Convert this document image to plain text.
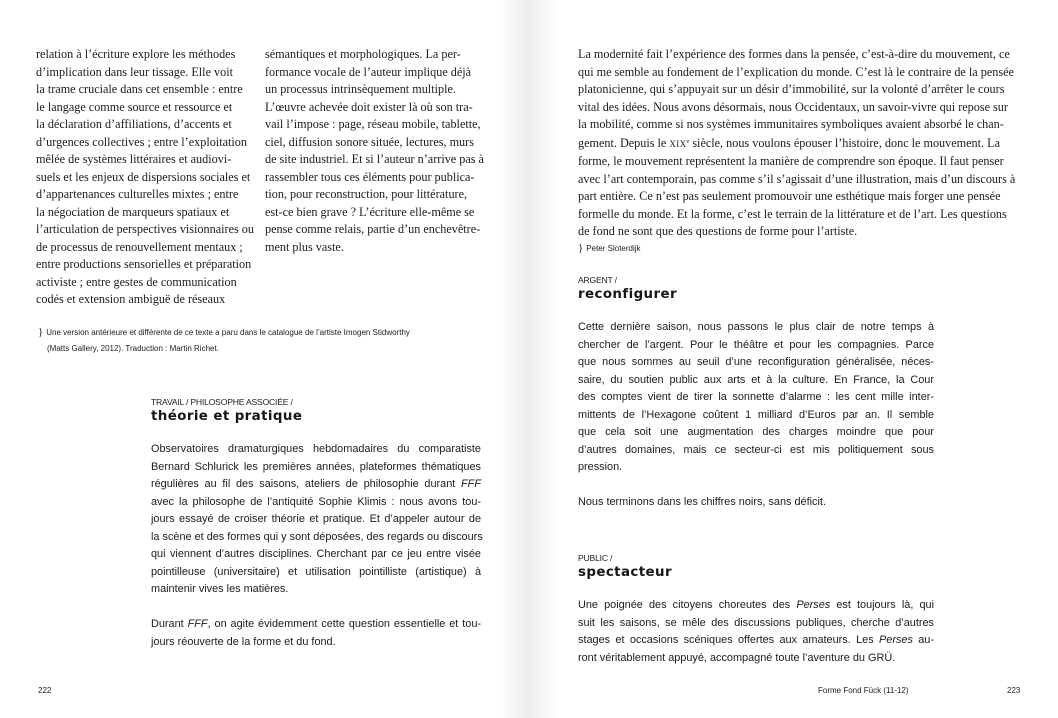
relation à l’écriture explore les méthodes
d’implication dans leur tissage. Elle voit
la trame cruciale dans cet ensemble : entre
le langage comme source et ressource et
la déclaration d’affiliations, d’accents et
d’urgences collectives ; entre l’exploitation
mêlée de systèmes littéraires et audiovi-
suels et les enjeux de dispersions sociales et
d’appartenances culturelles mixtes ; entre
la négociation de marqueurs spatiaux et
l’articulation de perspectives visionnaires ou
de processus de renouvellement mentaux ;
entre productions sensorielles et préparation
activiste ; entre gestes de communication
codés et extension ambiguë de réseaux
sémantiques et morphologiques. La per-
formance vocale de l’auteur implique déjà
un processus intrinsèquement multiple.
L’œuvre achevée doit exister là où son tra-
vail l’impose : page, réseau mobile, tablette,
ciel, diffusion sonore située, lectures, murs
de site industriel. Et si l’auteur n’arrive pas à
rassembler tous ces éléments pour publica-
tion, pour reconstruction, pour littérature,
est-ce bien grave ? L’écriture elle-même se
pense comme relais, partie d’un enchevêtre-
ment plus vaste.
} Une version antérieure et différente de ce texte a paru dans le catalogue de l’artiste Imogen Stidworthy
(Matts Gallery, 2012). Traduction : Martin Richet.
TRAVAIL / PHILOSOPHE ASSOCIÉE /
théorie et pratique
Observatoires dramaturgiques hebdomadaires du comparatiste
Bernard Schlurick les premières années, plateformes thématiques
régulières au fil des saisons, ateliers de philosophie durant FFF
avec la philosophe de l’antiquité Sophie Klimis : nous avons tou-
jours essayé de croiser théorie et pratique. Et d’appeler autour de
la scène et des formes qui y sont déposées, des regards ou discours
qui viennent d’autres disciplines. Cherchant par ce jeu entre visée
pointilleuse (universitaire) et utilisation pointilliste (artistique) à
maintenir vives les matières.
Durant FFF, on agite évidemment cette question essentielle et tou-
jours réouverte de la forme et du fond.
222
La modernité fait l’expérience des formes dans la pensée, c’est-à-dire du mouvement, ce
qui me semble au fondement de l’explication du monde. C’est là le contraire de la pensée
platonicienne, qui s’appuyait sur un désir d’immobilité, sur la volonté d’arrêter le cours
vital des idées. Nous avons désormais, nous Occidentaux, un savoir-vivre qui repose sur
la mobilité, comme si nos systèmes immunitaires symboliques avaient absorbé le chan-
gement. Depuis le XIXe siècle, nous voulons épouser l’histoire, donc le mouvement. La
forme, le mouvement représentent la manière de comprendre son époque. Il faut penser
avec l’art contemporain, pas comme s’il s’agissait d’une illustration, mais d’un discours à
part entière. Ce n’est pas seulement promouvoir une esthétique mais forger une pensée
formelle du monde. Et la forme, c’est le terrain de la littérature et de l’art. Les questions
de fond ne sont que des questions de forme pour l’artiste.
} Peter Sloterdijk
ARGENT /
reconfigurer
Cette dernière saison, nous passons le plus clair de notre temps à
chercher de l’argent. Pour le théâtre et pour les compagnies. Parce
que nous sommes au seuil d’une reconfiguration généralisée, néces-
saire, du soutien public aux arts et à la culture. En France, la Cour
des comptes vient de tirer la sonnette d’alarme : les cent mille inter-
mittents de l’Hexagone coûtent 1 milliard d’Euros par an. Il semble
que cela soit une augmentation des charges moindre que pour
d’autres domaines, mais ce secteur-ci est mis politiquement sous
pression.
Nous terminons dans les chiffres noirs, sans déficit.
PUBLIC /
spectacteur
Une poignée des citoyens choreutes des Perses est toujours là, qui
suit les saisons, se mêle des discussions publiques, cherche d’autres
stages et occasions scéniques offertes aux amateurs. Les Perses au-
ront véritablement appuyé, accompagné toute l’aventure du GRÜ.
Forme Fond Fück (11-12)	223
